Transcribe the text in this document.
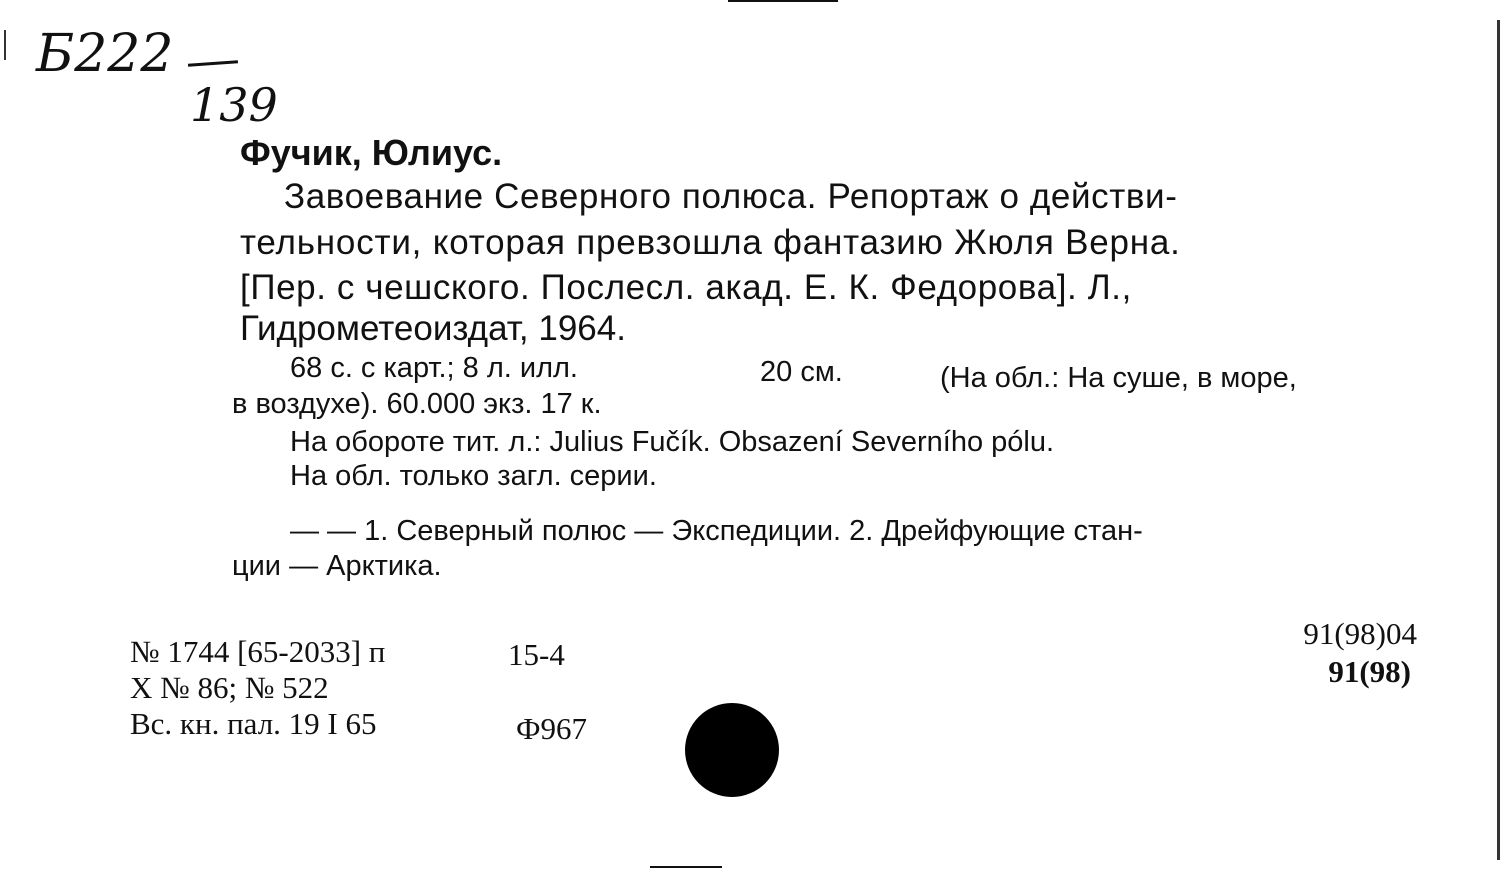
Б222
139
Фучик, Юлиус.
Завоевание Северного полюса. Репортаж о действи-
тельности, которая превзошла фантазию Жюля Верна.
[Пер. с чешского. Послесл. акад. Е. К. Федорова]. Л.,
Гидрометеоиздат, 1964.
68 с. с карт.; 8 л. илл.	20 см.	(На обл.: На суше, в море,
в воздухе). 60.000 экз. 17 к.
На обороте тит. л.: Julius Fučík. Obsazení Severního pólu.
На обл. только загл. серии.
— — 1. Северный полюс — Экспедиции. 2. Дрейфующие стан-
ции — Арктика.
№ 1744 [65-2033] п	15-4
Х № 86; № 522
Вс. кн. пал. 19 I 65	Ф967
91(98)04
91(98)
